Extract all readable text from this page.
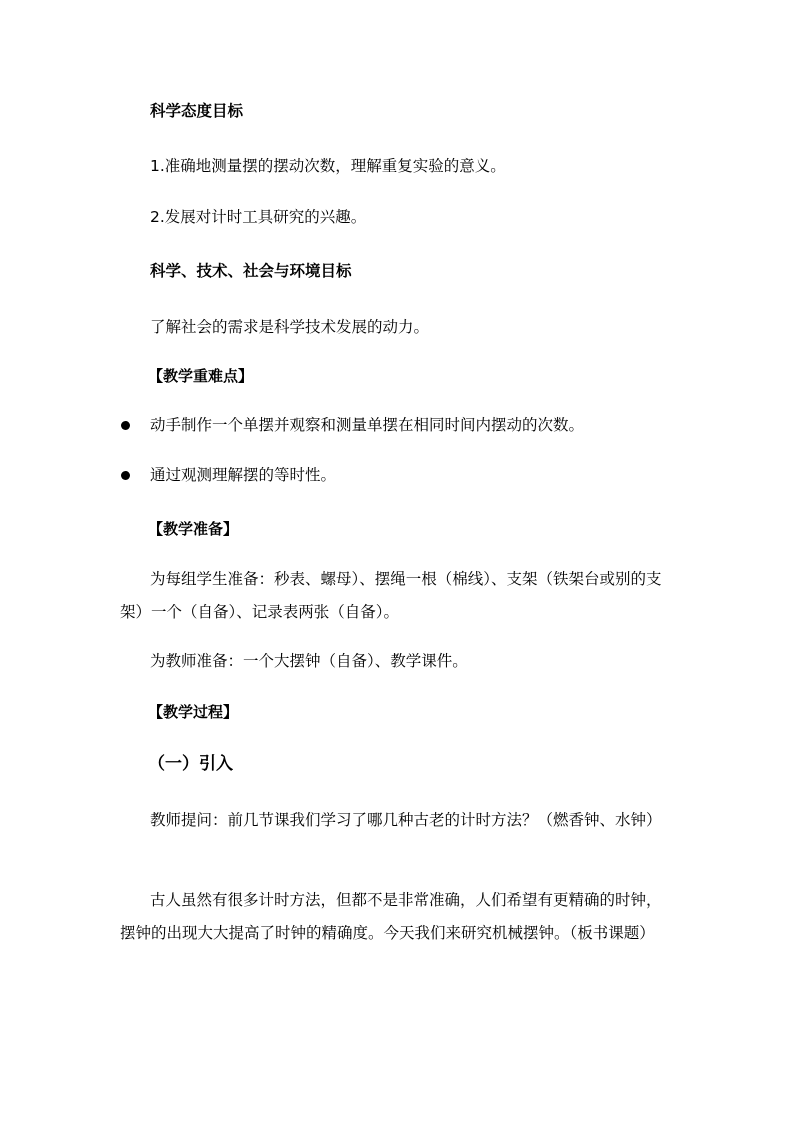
科学态度目标
1.准确地测量摆的摆动次数，理解重复实验的意义。
2.发展对计时工具研究的兴趣。
科学、技术、社会与环境目标
了解社会的需求是科学技术发展的动力。
【教学重难点】
动手制作一个单摆并观察和测量单摆在相同时间内摆动的次数。
通过观测理解摆的等时性。
【教学准备】
为每组学生准备：秒表、螺母）、摆绳一根（棉线）、支架（铁架台或别的支架）一个（自备）、记录表两张（自备）。
为教师准备：一个大摆钟（自备）、教学课件。
【教学过程】
（一）引入
教师提问：前几节课我们学习了哪几种古老的计时方法？（燃香钟、水钟）
古人虽然有很多计时方法，但都不是非常准确，人们希望有更精确的时钟，摆钟的出现大大提高了时钟的精确度。今天我们来研究机械摆钟。（板书课题）
